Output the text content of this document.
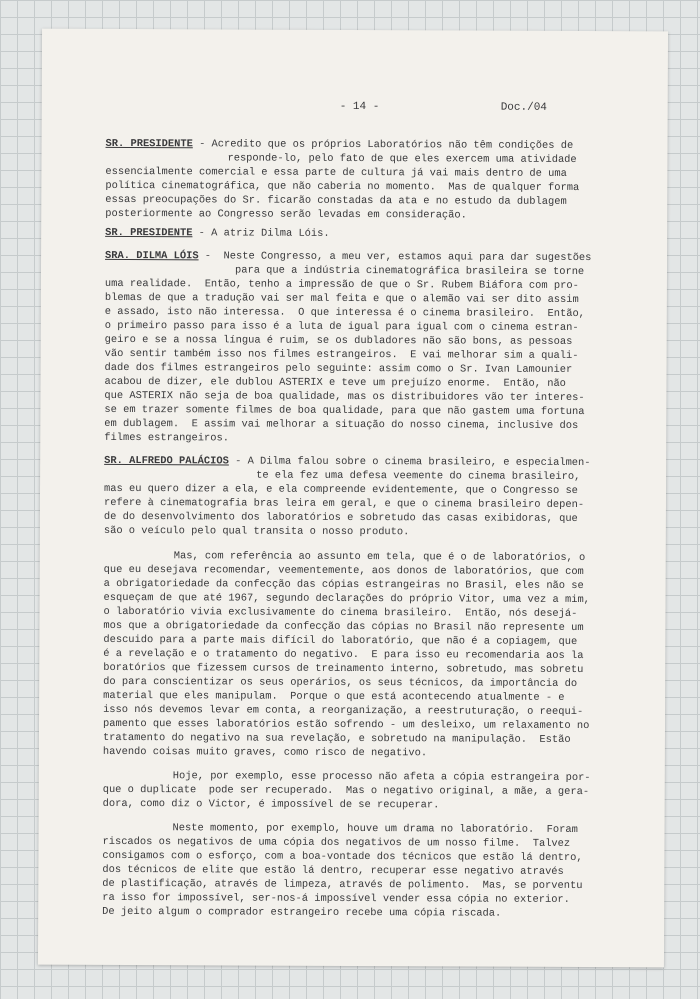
- 14 -	Doc./04
SR. PRESIDENTE - Acredito que os próprios Laboratórios não têm condições de
responde-lo, pelo fato de que eles exercem uma atividade
essencialmente comercial e essa parte de cultura já vai mais dentro de uma
política cinematográfica, que não caberia no momento.  Mas de qualquer forma
essas preocupações do Sr. ficarão constadas da ata e no estudo da dublagem
posteriormente ao Congresso serão levadas em consideração.
SR. PRESIDENTE - A atriz Dilma Lóis.
SRA. DILMA LÓIS -  Neste Congresso, a meu ver, estamos aqui para dar sugestões
para que a indústria cinematográfica brasileira se torne
uma realidade.  Então, tenho a impressão de que o Sr. Rubem Biáfora com pro-
blemas de que a tradução vai ser mal feita e que o alemão vai ser dito assim
e assado, isto não interessa.  O que interessa é o cinema brasileiro.  Então,
o primeiro passo para isso é a luta de igual para igual com o cinema estran-
geiro e se a nossa língua é ruim, se os dubladores não são bons, as pessoas
vão sentir também isso nos filmes estrangeiros.  E vai melhorar sim a quali-
dade dos filmes estrangeiros pelo seguinte: assim como o Sr. Ivan Lamounier
acabou de dizer, ele dublou ASTERIX e teve um prejuízo enorme.  Então, não
que ASTERIX não seja de boa qualidade, mas os distribuidores vão ter interes-
se em trazer somente filmes de boa qualidade, para que não gastem uma fortuna
em dublagem.  E assim vai melhorar a situação do nosso cinema, inclusive dos
filmes estrangeiros.
SR. ALFREDO PALÁCIOS - A Dilma falou sobre o cinema brasileiro, e especialmen-
te ela fez uma defesa veemente do cinema brasileiro,
mas eu quero dizer a ela, e ela compreende evidentemente, que o Congresso se
refere à cinematografia bras leira em geral, e que o cinema brasileiro depen-
de do desenvolvimento dos laboratórios e sobretudo das casas exibidoras, que
são o veículo pelo qual transita o nosso produto.
Mas, com referência ao assunto em tela, que é o de laboratórios, o
que eu desejava recomendar, veementemente, aos donos de laboratórios, que com
a obrigatoriedade da confecção das cópias estrangeiras no Brasil, eles não se
esqueçam de que até 1967, segundo declarações do próprio Vitor, uma vez a mim,
o laboratório vivia exclusivamente do cinema brasileiro.  Então, nós desejá-
mos que a obrigatoriedade da confecção das cópias no Brasil não represente um
descuido para a parte mais difícil do laboratório, que não é a copiagem, que
é a revelação e o tratamento do negativo.  E para isso eu recomendaria aos la
boratórios que fizessem cursos de treinamento interno, sobretudo, mas sobretu
do para conscientizar os seus operários, os seus técnicos, da importância do
material que eles manipulam.  Porque o que está acontecendo atualmente - e
isso nós devemos levar em conta, a reorganização, a reestruturação, o reequi-
pamento que esses laboratórios estão sofrendo - um desleixo, um relaxamento no
tratamento do negativo na sua revelação, e sobretudo na manipulação.  Estão
havendo coisas muito graves, como risco de negativo.
Hoje, por exemplo, esse processo não afeta a cópia estrangeira por-
que o duplicate  pode ser recuperado.  Mas o negativo original, a mãe, a gera-
dora, como diz o Victor, é impossível de se recuperar.
Neste momento, por exemplo, houve um drama no laboratório.  Foram
riscados os negativos de uma cópia dos negativos de um nosso filme.  Talvez
consigamos com o esforço, com a boa-vontade dos técnicos que estão lá dentro,
dos técnicos de elite que estão lá dentro, recuperar esse negativo através
de plastificação, através de limpeza, através de polimento.  Mas, se porventu
ra isso for impossível, ser-nos-á impossível vender essa cópia no exterior.
De jeito algum o comprador estrangeiro recebe uma cópia riscada.
